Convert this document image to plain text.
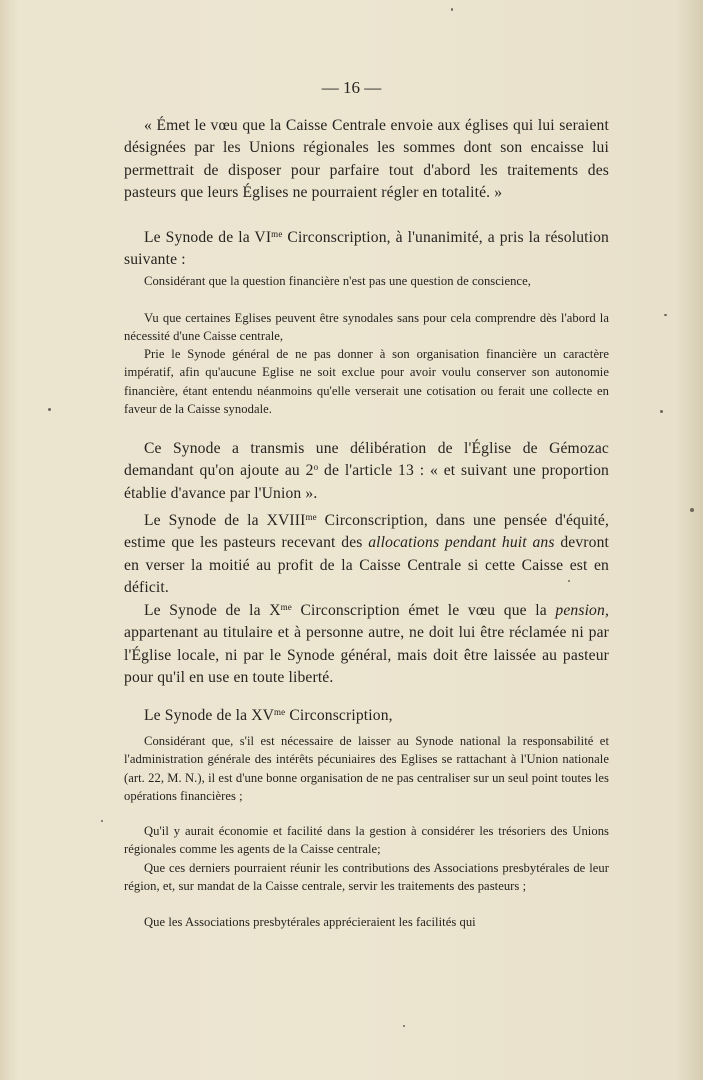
— 16 —

« Émet le vœu que la Caisse Centrale envoie aux églises qui lui seraient désignées par les Unions régionales les sommes dont son encaisse lui permettrait de disposer pour parfaire tout d'abord les traitements des pasteurs que leurs Églises ne pourraient régler en totalité. »

Le Synode de la $VI^{me}$ Circonscription, à l'unanimité, a pris la résolution suivante :

Considérant que la question financière n'est pas une question de conscience,

Vu que certaines Eglises peuvent être synodales sans pour cela comprendre dès l'abord la nécessité d'une Caisse centrale,

Prie le Synode général de ne pas donner à son organisation financière un caractère impératif, afin qu'aucune Eglise ne soit exclue pour avoir voulu conserver son autonomie financière, étant entendu néanmoins qu'elle verserait une cotisation ou ferait une collecte en faveur de la Caisse synodale.

Ce Synode a transmis une délibération de l'Église de Gémozac demandant qu'on ajoute au 2$^o$ de l'article 13 : « et suivant une proportion établie d'avance par l'Union ».

Le Synode de la $XVIII^{me}$ Circonscription, dans une pensée d'équité, estime que les pasteurs recevant des allocations pendant huit ans devront en verser la moitié au profit de la Caisse Centrale si cette Caisse est en déficit.

Le Synode de la $X^{me}$ Circonscription émet le vœu que la pension, appartenant au titulaire et à personne autre, ne doit lui être réclamée ni par l'Église locale, ni par le Synode général, mais doit être laissée au pasteur pour qu'il en use en toute liberté.

Le Synode de la $XV^{me}$ Circonscription,

Considérant que, s'il est nécessaire de laisser au Synode national la responsabilité et l'administration générale des intérêts pécuniaires des Eglises se rattachant à l'Union nationale (art. 22, M. N.), il est d'une bonne organisation de ne pas centraliser sur un seul point toutes les opérations financières ;

Qu'il y aurait économie et facilité dans la gestion à considérer les trésoriers des Unions régionales comme les agents de la Caisse centrale;

Que ces derniers pourraient réunir les contributions des Associations presbytérales de leur région, et, sur mandat de la Caisse centrale, servir les traitements des pasteurs ;

Que les Associations presbytérales apprécieraient les facilités qui
